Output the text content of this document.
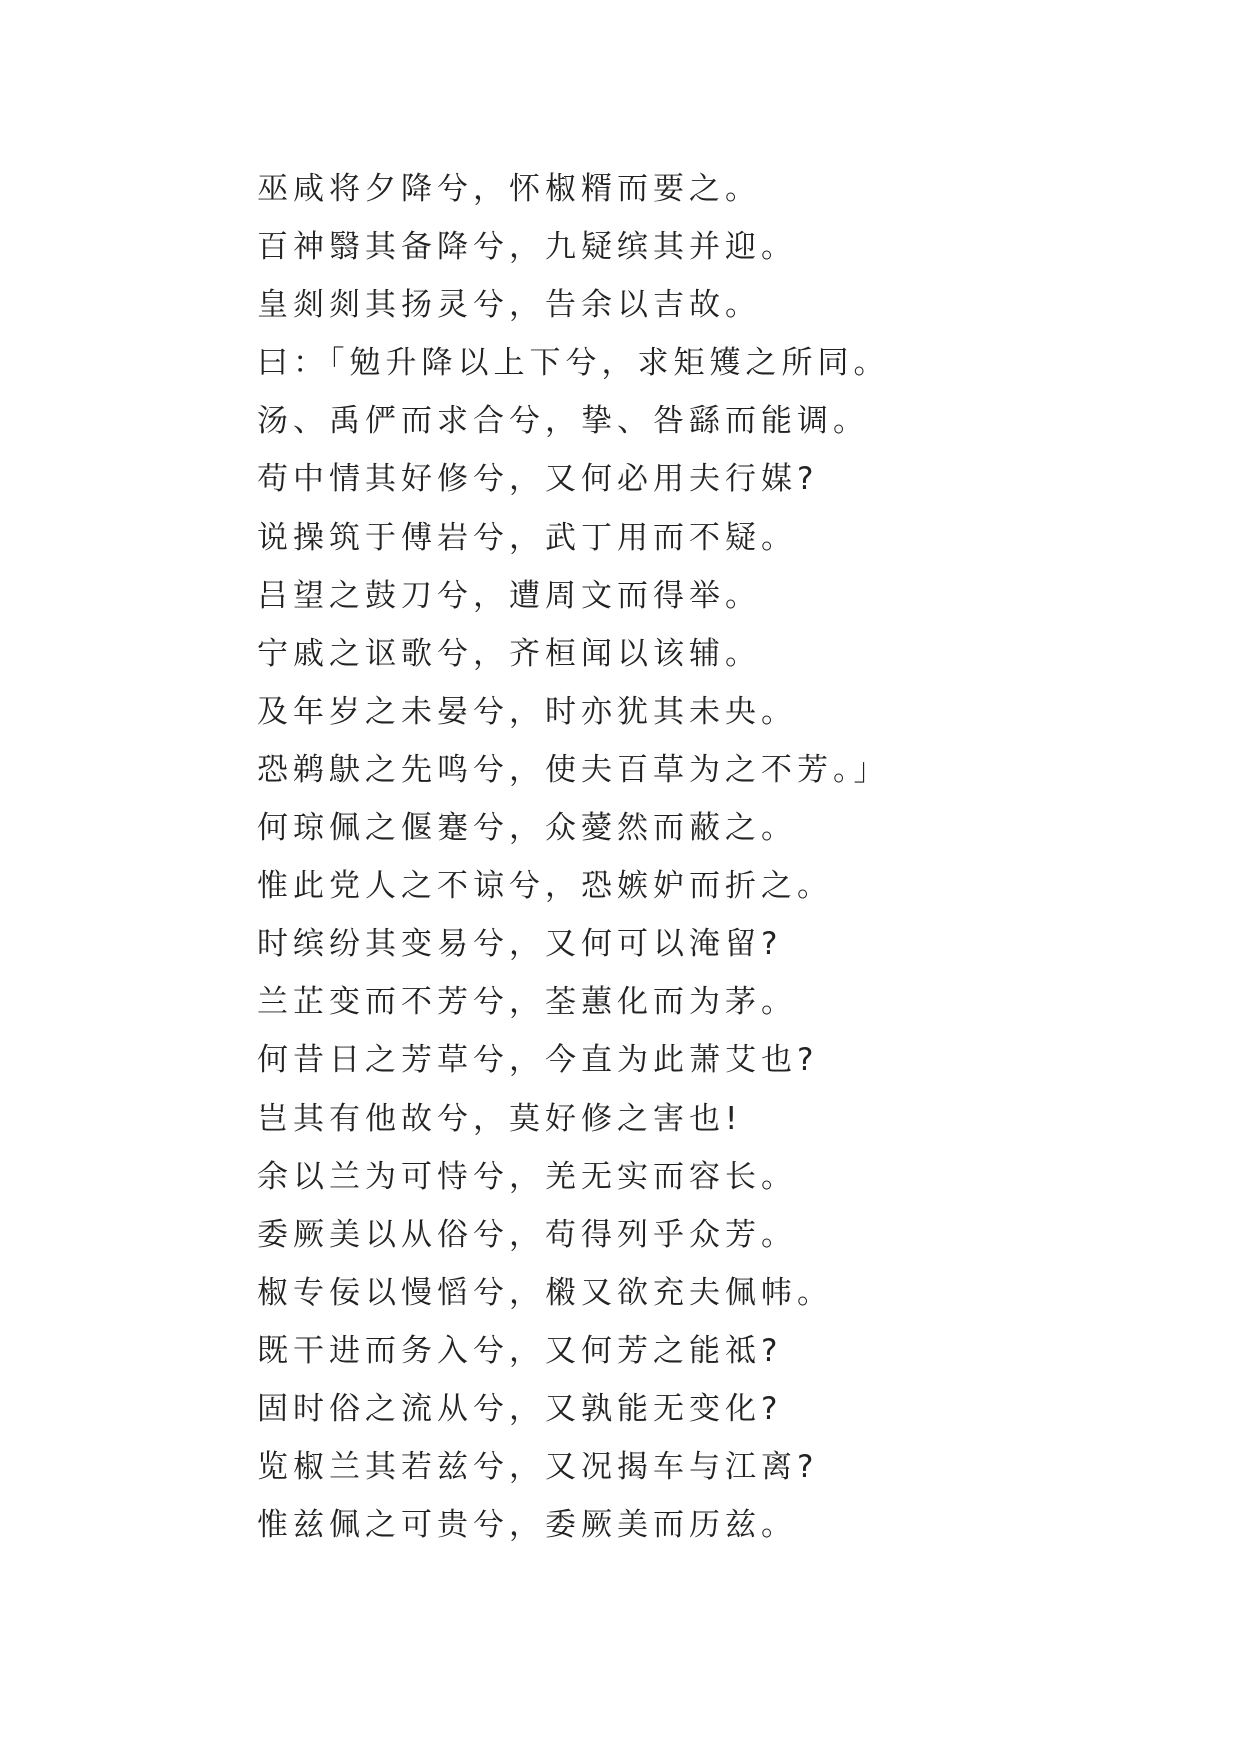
巫咸将夕降兮，怀椒糈而要之。
百神翳其备降兮，九疑缤其并迎。
皇剡剡其扬灵兮，告余以吉故。
曰：「勉升降以上下兮，求矩矱之所同。
汤、禹俨而求合兮，挚、咎繇而能调。
苟中情其好修兮，又何必用夫行媒?
说操筑于傅岩兮，武丁用而不疑。
吕望之鼓刀兮，遭周文而得举。
宁戚之讴歌兮，齐桓闻以该辅。
及年岁之未晏兮，时亦犹其未央。
恐鹈鴃之先鸣兮，使夫百草为之不芳。」
何琼佩之偃蹇兮，众薆然而蔽之。
惟此党人之不谅兮，恐嫉妒而折之。
时缤纷其变易兮，又何可以淹留?
兰芷变而不芳兮，荃蕙化而为茅。
何昔日之芳草兮，今直为此萧艾也?
岂其有他故兮，莫好修之害也!
余以兰为可恃兮，羌无实而容长。
委厥美以从俗兮，苟得列乎众芳。
椒专佞以慢慆兮，樧又欲充夫佩帏。
既干进而务入兮，又何芳之能祗?
固时俗之流从兮，又孰能无变化?
览椒兰其若兹兮，又况揭车与江离?
惟兹佩之可贵兮，委厥美而历兹。
